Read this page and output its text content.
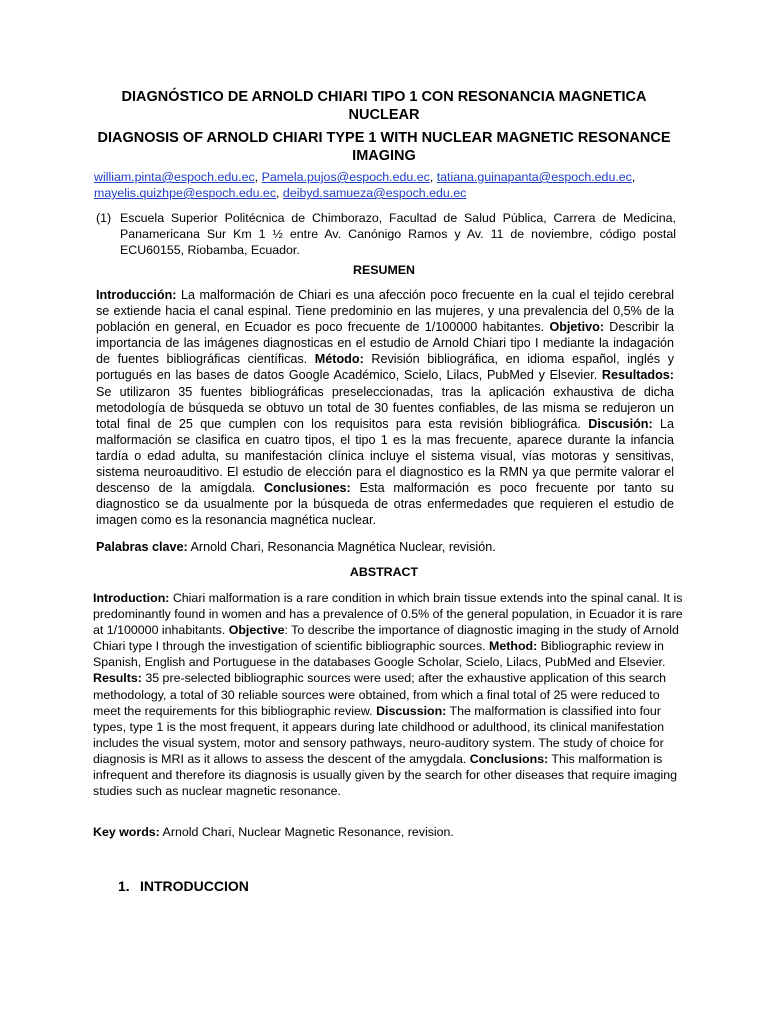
DIAGNÓSTICO DE ARNOLD CHIARI TIPO 1 CON RESONANCIA MAGNETICA NUCLEAR
DIAGNOSIS OF ARNOLD CHIARI TYPE 1 WITH NUCLEAR MAGNETIC RESONANCE IMAGING
william.pinta@espoch.edu.ec, Pamela.pujos@espoch.edu.ec, tatiana.guinapanta@espoch.edu.ec,
mayelis.quizhpe@espoch.edu.ec, deibyd.samueza@espoch.edu.ec
(1) Escuela Superior Politécnica de Chimborazo, Facultad de Salud Pública, Carrera de Medicina, Panamericana Sur Km 1 ½ entre Av. Canónigo Ramos y Av. 11 de noviembre, código postal ECU60155, Riobamba, Ecuador.
RESUMEN
Introducción: La malformación de Chiari es una afección poco frecuente en la cual el tejido cerebral se extiende hacia el canal espinal. Tiene predominio en las mujeres, y una prevalencia del 0,5% de la población en general, en Ecuador es poco frecuente de 1/100000 habitantes. Objetivo: Describir la importancia de las imágenes diagnosticas en el estudio de Arnold Chiari tipo I mediante la indagación de fuentes bibliográficas científicas. Método: Revisión bibliográfica, en idioma español, inglés y portugués en las bases de datos Google Académico, Scielo, Lilacs, PubMed y Elsevier. Resultados: Se utilizaron 35 fuentes bibliográficas preseleccionadas, tras la aplicación exhaustiva de dicha metodología de búsqueda se obtuvo un total de 30 fuentes confiables, de las misma se redujeron un total final de 25 que cumplen con los requisitos para esta revisión bibliográfica. Discusión: La malformación se clasifica en cuatro tipos, el tipo 1 es la mas frecuente, aparece durante la infancia tardía o edad adulta, su manifestación clínica incluye el sistema visual, vías motoras y sensitivas, sistema neuroauditivo. El estudio de elección para el diagnostico es la RMN ya que permite valorar el descenso de la amígdala. Conclusiones: Esta malformación es poco frecuente por tanto su diagnostico se da usualmente por la búsqueda de otras enfermedades que requieren el estudio de imagen como es la resonancia magnética nuclear.
Palabras clave: Arnold Chari, Resonancia Magnética Nuclear, revisión.
ABSTRACT
Introduction: Chiari malformation is a rare condition in which brain tissue extends into the spinal canal. It is predominantly found in women and has a prevalence of 0.5% of the general population, in Ecuador it is rare at 1/100000 inhabitants. Objective: To describe the importance of diagnostic imaging in the study of Arnold Chiari type I through the investigation of scientific bibliographic sources. Method: Bibliographic review in Spanish, English and Portuguese in the databases Google Scholar, Scielo, Lilacs, PubMed and Elsevier. Results: 35 pre-selected bibliographic sources were used; after the exhaustive application of this search methodology, a total of 30 reliable sources were obtained, from which a final total of 25 were reduced to meet the requirements for this bibliographic review. Discussion: The malformation is classified into four types, type 1 is the most frequent, it appears during late childhood or adulthood, its clinical manifestation includes the visual system, motor and sensory pathways, neuro-auditory system. The study of choice for diagnosis is MRI as it allows to assess the descent of the amygdala. Conclusions: This malformation is infrequent and therefore its diagnosis is usually given by the search for other diseases that require imaging studies such as nuclear magnetic resonance.
Key words: Arnold Chari, Nuclear Magnetic Resonance, revision.
1. INTRODUCCION
